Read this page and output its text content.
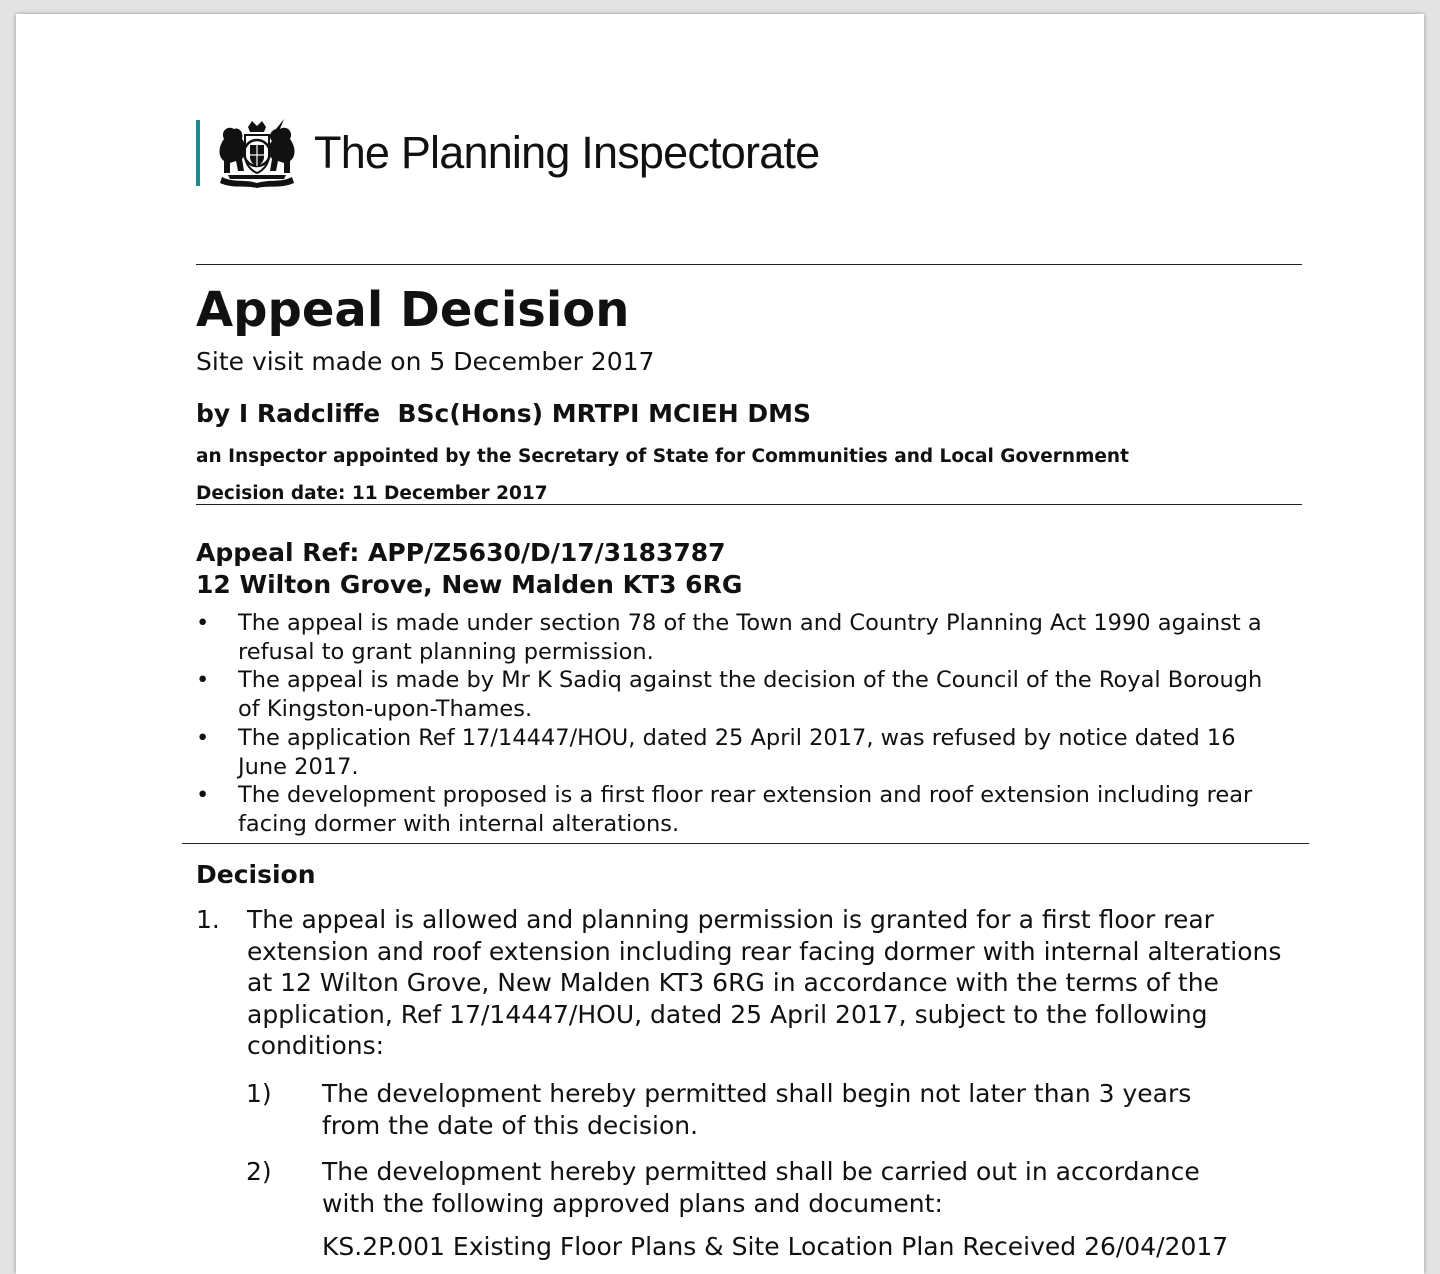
The Planning Inspectorate
Appeal Decision
Site visit made on 5 December 2017
by I Radcliffe  BSc(Hons) MRTPI MCIEH DMS
an Inspector appointed by the Secretary of State for Communities and Local Government
Decision date: 11 December 2017
Appeal Ref: APP/Z5630/D/17/3183787
12 Wilton Grove, New Malden KT3 6RG
• The appeal is made under section 78 of the Town and Country Planning Act 1990 against a refusal to grant planning permission.
• The appeal is made by Mr K Sadiq against the decision of the Council of the Royal Borough of Kingston-upon-Thames.
• The application Ref 17/14447/HOU, dated 25 April 2017, was refused by notice dated 16 June 2017.
• The development proposed is a first floor rear extension and roof extension including rear facing dormer with internal alterations.
Decision
1. The appeal is allowed and planning permission is granted for a first floor rear extension and roof extension including rear facing dormer with internal alterations at 12 Wilton Grove, New Malden KT3 6RG in accordance with the terms of the application, Ref 17/14447/HOU, dated 25 April 2017, subject to the following conditions:
1) The development hereby permitted shall begin not later than 3 years from the date of this decision.
2) The development hereby permitted shall be carried out in accordance with the following approved plans and document:
KS.2P.001 Existing Floor Plans & Site Location Plan Received 26/04/2017
